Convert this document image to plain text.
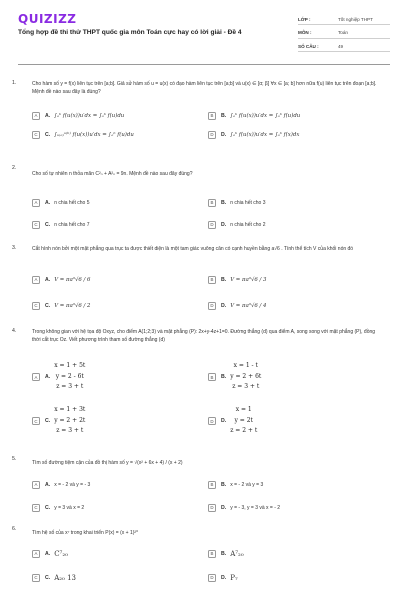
QUIZIZZ
Tổng hợp đề thi thử THPT quốc gia môn Toán cực hay có lời giải - Đề 4
LỚP :	Tốt nghiệp THPT
MÔN :	Toán
SỐ CÂU :	49
1.	Cho hàm số y = f(x) liên tục trên [a;b]. Giả sử hàm số u = u(x) có đạo hàm liên tục trên [a;b] và u(x) ∈ [α; β] ∀x ∈ [a; b] hơn nữa f(u) liên tục trên đoạn [a;b]. Mệnh đề nào sau đây là đúng?
A	A. ∫ₐᵇ f(u(x))u′dx = ∫ₐᵇ f(u)du	B	B. ∫ₐᵇ f(u(x))u′dx = ∫ₐᵇ f(u)du
C	C. ∫ᵤ₍ₐ₎ᵘ⁽ᵇ⁾ f(u(x))u′dx = ∫ₐᵇ f(u)du	D	D. ∫ₐᵇ f(u(x))u′dx = ∫ₐᵇ f(x)dx
2.
Cho số tự nhiên n thỏa mãn C²ₙ + A²ₙ = 9n. Mệnh đề nào sau đây đúng?
A	A. n chia hết cho 5	B	B. n chia hết cho 3
C	C. n chia hết cho 7	D	D. n chia hết cho 2
3.	Cắt hình nón bởi một mặt phẳng qua trục ta được thiết diện là một tam giác vuông cân có cạnh huyền bằng a√6 . Tính thể tích V của khối nón đó
A	A. V = πa³√6 / 6	B	B. V = πa³√6 / 3
C	C. V = πa³√6 / 2	D	D. V = πa³√6 / 4
4.	Trong không gian với hệ tọa độ Oxyz, cho điểm A(1;2;3) và mặt phẳng (P): 2x+y-4z+1=0. Đường thẳng (d) qua điểm A, song song với mặt phẳng (P), đồng thời cắt trục Oz. Viết phương trình tham số đường thẳng (d)
A	A.
x = 1 + 5t
y = 2 - 6t
z = 3 + t
B	B.
x = 1 - t
y = 2 + 6t
z = 3 + t
C	C.
x = 1 + 3t
y = 2 + 2t
z = 3 + t
D	D.
x = 1
y = 2t
z = 2 + t
5.
Tìm số đường tiệm cận của đồ thị hàm số y = √(x² + 6x + 4) / (x + 2)
A	A. x = - 2 và y = - 3	B	B. x = - 2 và y = 3
C	C. y = 3 và x = 2	D	D. y = - 3, y = 3 và x = - 2
6.
Tìm hệ số của x⁷ trong khai triển P(x) = (x + 1)²⁰
A	A. C⁷₂₀	B	B. A⁷₂₀
C	C. A₂₀ 13	D	D. P₇
